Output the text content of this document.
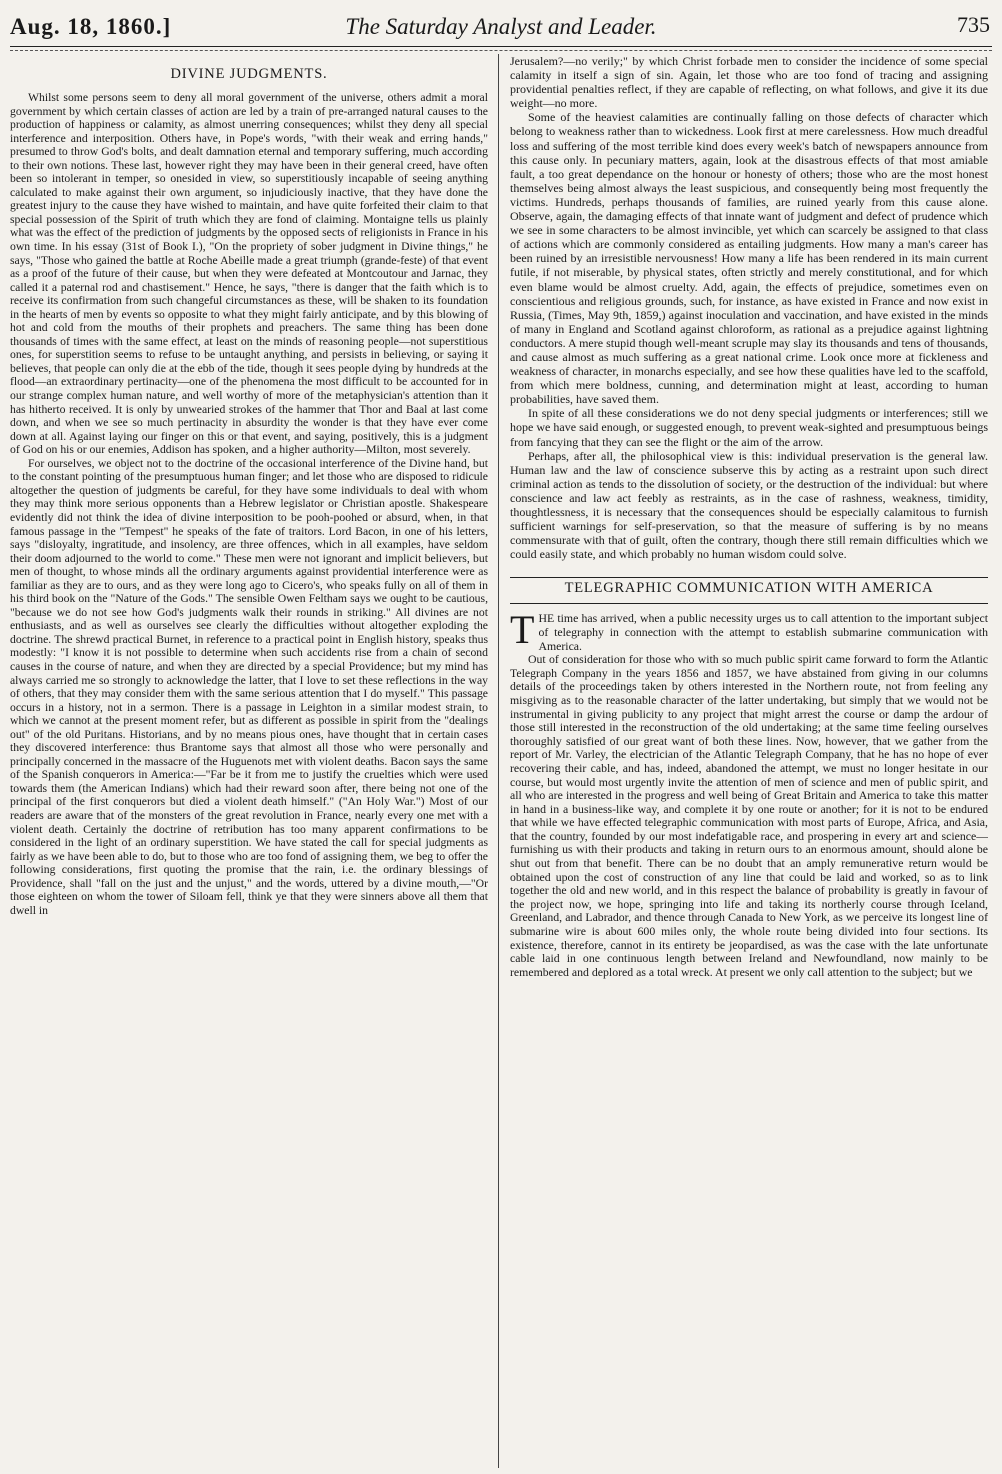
Aug. 18, 1860.]	The Saturday Analyst and Leader.	735
DIVINE JUDGMENTS.

Whilst some persons seem to deny all moral government of the universe, others admit a moral government by which certain classes of action are led by a train of pre-arranged natural causes to the production of happiness or calamity, as almost unerring consequences; whilst they deny all special interference and interposition. Others have, in Pope's words, "with their weak and erring hands," presumed to throw God's bolts, and dealt damnation eternal and temporary suffering, much according to their own notions. These last, however right they may have been in their general creed, have often been so intolerant in temper, so onesided in view, so superstitiously incapable of seeing anything calculated to make against their own argument, so injudiciously inactive, that they have done the greatest injury to the cause they have wished to maintain, and have quite forfeited their claim to that special possession of the Spirit of truth which they are fond of claiming. Montaigne tells us plainly what was the effect of the prediction of judgments by the opposed sects of religionists in France in his own time. In his essay (31st of Book I.), "On the propriety of sober judgment in Divine things," he says, "Those who gained the battle at Roche Abeille made a great triumph (grande-feste) of that event as a proof of the future of their cause, but when they were defeated at Montcoutour and Jarnac, they called it a paternal rod and chastisement." Hence, he says, "there is danger that the faith which is to receive its confirmation from such changeful circumstances as these, will be shaken to its foundation in the hearts of men by events so opposite to what they might fairly anticipate, and by this blowing of hot and cold from the mouths of their prophets and preachers. The same thing has been done thousands of times with the same effect, at least on the minds of reasoning people—not superstitious ones, for superstition seems to refuse to be untaught anything, and persists in believing, or saying it believes, that people can only die at the ebb of the tide, though it sees people dying by hundreds at the flood—an extraordinary pertinacity—one of the phenomena the most difficult to be accounted for in our strange complex human nature, and well worthy of more of the metaphysician's attention than it has hitherto received. It is only by unwearied strokes of the hammer that Thor and Baal at last come down, and when we see so much pertinacity in absurdity the wonder is that they have ever come down at all. Against laying our finger on this or that event, and saying, positively, this is a judgment of God on his or our enemies, Addison has spoken, and a higher authority—Milton, most severely.

For ourselves, we object not to the doctrine of the occasional interference of the Divine hand, but to the constant pointing of the presumptuous human finger; and let those who are disposed to ridicule altogether the question of judgments be careful, for they have some individuals to deal with whom they may think more serious opponents than a Hebrew legislator or Christian apostle. Shakespeare evidently did not think the idea of divine interposition to be pooh-poohed or absurd, when, in that famous passage in the "Tempest" he speaks of the fate of traitors. Lord Bacon, in one of his letters, says "disloyalty, ingratitude, and insolency, are three offences, which in all examples, have seldom their doom adjourned to the world to come." These men were not ignorant and implicit believers, but men of thought, to whose minds all the ordinary arguments against providential interference were as familiar as they are to ours, and as they were long ago to Cicero's, who speaks fully on all of them in his third book on the "Nature of the Gods." The sensible Owen Feltham says we ought to be cautious, "because we do not see how God's judgments walk their rounds in striking." All divines are not enthusiasts, and as well as ourselves see clearly the difficulties without altogether exploding the doctrine. The shrewd practical Burnet, in reference to a practical point in English history, speaks thus modestly: "I know it is not possible to determine when such accidents rise from a chain of second causes in the course of nature, and when they are directed by a special Providence; but my mind has always carried me so strongly to acknowledge the latter, that I love to set these reflections in the way of others, that they may consider them with the same serious attention that I do myself." This passage occurs in a history, not in a sermon. There is a passage in Leighton in a similar modest strain, to which we cannot at the present moment refer, but as different as possible in spirit from the "dealings out" of the old Puritans. Historians, and by no means pious ones, have thought that in certain cases they discovered interference: thus Brantome says that almost all those who were personally and principally concerned in the massacre of the Huguenots met with violent deaths. Bacon says the same of the Spanish conquerors in America:—"Far be it from me to justify the cruelties which were used towards them (the American Indians) which had their reward soon after, there being not one of the principal of the first conquerors but died a violent death himself." ("An Holy War.") Most of our readers are aware that of the monsters of the great revolution in France, nearly every one met with a violent death. Certainly the doctrine of retribution has too many apparent confirmations to be considered in the light of an ordinary superstition. We have stated the call for special judgments as fairly as we have been able to do, but to those who are too fond of assigning them, we beg to offer the following considerations, first quoting the promise that the rain, i.e. the ordinary blessings of Providence, shall "fall on the just and the unjust," and the words, uttered by a divine mouth,—"Or those eighteen on whom the tower of Siloam fell, think ye that they were sinners above all them that dwell in

Jerusalem?—no verily;" by which Christ forbade men to consider the incidence of some special calamity in itself a sign of sin. Again, let those who are too fond of tracing and assigning providential penalties reflect, if they are capable of reflecting, on what follows, and give it its due weight—no more.

Some of the heaviest calamities are continually falling on those defects of character which belong to weakness rather than to wickedness. Look first at mere carelessness. How much dreadful loss and suffering of the most terrible kind does every week's batch of newspapers announce from this cause only. In pecuniary matters, again, look at the disastrous effects of that most amiable fault, a too great dependance on the honour or honesty of others; those who are the most honest themselves being almost always the least suspicious, and consequently being most frequently the victims. Hundreds, perhaps thousands of families, are ruined yearly from this cause alone. Observe, again, the damaging effects of that innate want of judgment and defect of prudence which we see in some characters to be almost invincible, yet which can scarcely be assigned to that class of actions which are commonly considered as entailing judgments. How many a man's career has been ruined by an irresistible nervousness! How many a life has been rendered in its main current futile, if not miserable, by physical states, often strictly and merely constitutional, and for which even blame would be almost cruelty. Add, again, the effects of prejudice, sometimes even on conscientious and religious grounds, such, for instance, as have existed in France and now exist in Russia, (Times, May 9th, 1859,) against inoculation and vaccination, and have existed in the minds of many in England and Scotland against chloroform, as rational as a prejudice against lightning conductors. A mere stupid though well-meant scruple may slay its thousands and tens of thousands, and cause almost as much suffering as a great national crime. Look once more at fickleness and weakness of character, in monarchs especially, and see how these qualities have led to the scaffold, from which mere boldness, cunning, and determination might at least, according to human probabilities, have saved them.

In spite of all these considerations we do not deny special judgments or interferences; still we hope we have said enough, or suggested enough, to prevent weak-sighted and presumptuous beings from fancying that they can see the flight or the aim of the arrow.

Perhaps, after all, the philosophical view is this: individual preservation is the general law. Human law and the law of conscience subserve this by acting as a restraint upon such direct criminal action as tends to the dissolution of society, or the destruction of the individual: but where conscience and law act feebly as restraints, as in the case of rashness, weakness, timidity, thoughtlessness, it is necessary that the consequences should be especially calamitous to furnish sufficient warnings for self-preservation, so that the measure of suffering is by no means commensurate with that of guilt, often the contrary, though there still remain difficulties which we could easily state, and which probably no human wisdom could solve.

TELEGRAPHIC COMMUNICATION WITH AMERICA

THE time has arrived, when a public necessity urges us to call attention to the important subject of telegraphy in connection with the attempt to establish submarine communication with America.

Out of consideration for those who with so much public spirit came forward to form the Atlantic Telegraph Company in the years 1856 and 1857, we have abstained from giving in our columns details of the proceedings taken by others interested in the Northern route, not from feeling any misgiving as to the reasonable character of the latter undertaking, but simply that we would not be instrumental in giving publicity to any project that might arrest the course or damp the ardour of those still interested in the reconstruction of the old undertaking; at the same time feeling ourselves thoroughly satisfied of our great want of both these lines. Now, however, that we gather from the report of Mr. Varley, the electrician of the Atlantic Telegraph Company, that he has no hope of ever recovering their cable, and has, indeed, abandoned the attempt, we must no longer hesitate in our course, but would most urgently invite the attention of men of science and men of public spirit, and all who are interested in the progress and well being of Great Britain and America to take this matter in hand in a business-like way, and complete it by one route or another; for it is not to be endured that while we have effected telegraphic communication with most parts of Europe, Africa, and Asia, that the country, founded by our most indefatigable race, and prospering in every art and science—furnishing us with their products and taking in return ours to an enormous amount, should alone be shut out from that benefit. There can be no doubt that an amply remunerative return would be obtained upon the cost of construction of any line that could be laid and worked, so as to link together the old and new world, and in this respect the balance of probability is greatly in favour of the project now, we hope, springing into life and taking its northerly course through Iceland, Greenland, and Labrador, and thence through Canada to New York, as we perceive its longest line of submarine wire is about 600 miles only, the whole route being divided into four sections. Its existence, therefore, cannot in its entirety be jeopardised, as was the case with the late unfortunate cable laid in one continuous length between Ireland and Newfoundland, now mainly to be remembered and deplored as a total wreck. At present we only call attention to the subject; but we
